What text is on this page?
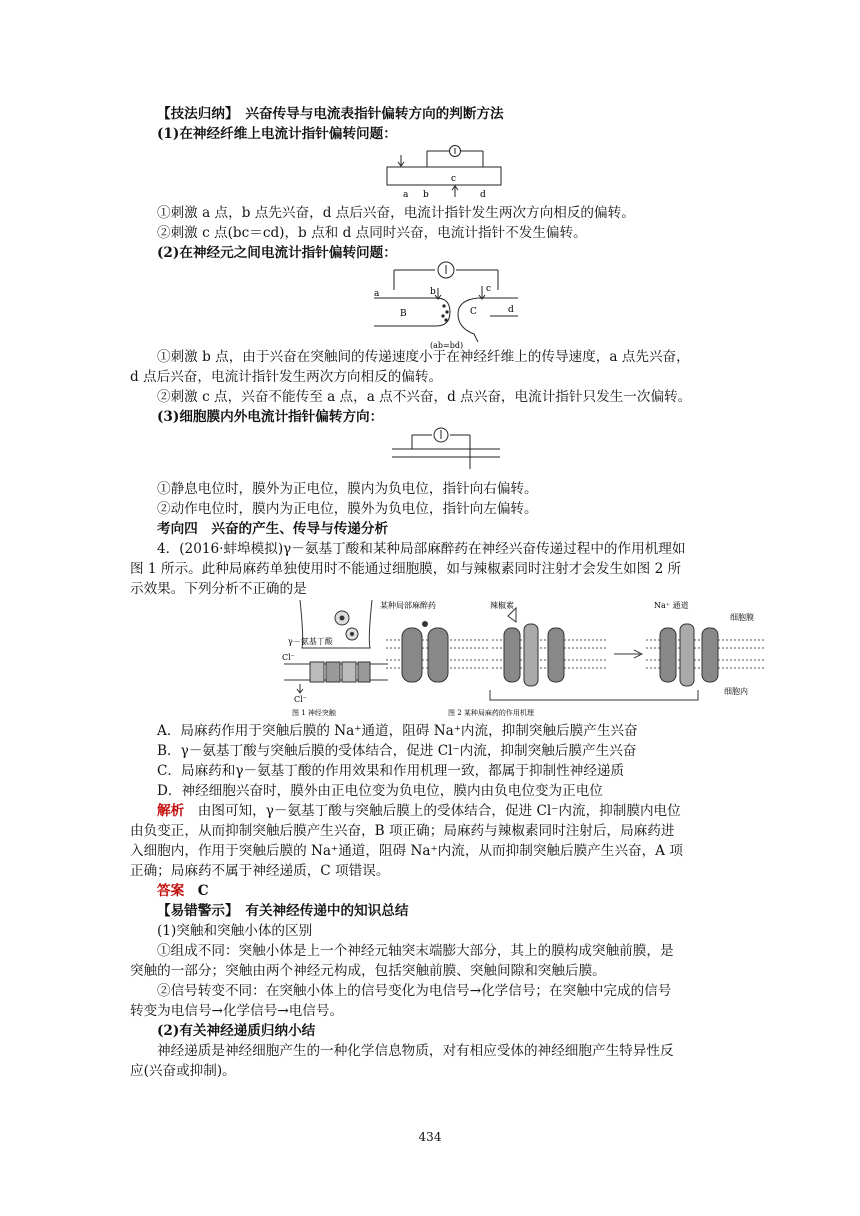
【技法归纳】　兴奋传导与电流表指针偏转方向的判断方法
(1)在神经纤维上电流计指针偏转问题：
c
a b	d
①刺激 a 点，b 点先兴奋，d 点后兴奋，电流计指针发生两次方向相反的偏转。
②刺激 c 点(bc＝cd)，b 点和 d 点同时兴奋，电流计指针不发生偏转。
(2)在神经元之间电流计指针偏转问题：
a	b	c
d
B	C
(ab=bd)
①刺激 b 点，由于兴奋在突触间的传递速度小于在神经纤维上的传导速度，a 点先兴奋，
d 点后兴奋，电流计指针发生两次方向相反的偏转。
②刺激 c 点，兴奋不能传至 a 点，a 点不兴奋，d 点兴奋，电流计指针只发生一次偏转。
(3)细胞膜内外电流计指针偏转方向：
①静息电位时，膜外为正电位，膜内为负电位，指针向右偏转。
②动作电位时，膜内为正电位，膜外为负电位，指针向左偏转。
考向四　兴奋的产生、传导与传递分析
4．(2016·蚌埠模拟)γ－氨基丁酸和某种局部麻醉药在神经兴奋传递过程中的作用机理如
图 1 所示。此种局麻药单独使用时不能通过细胞膜，如与辣椒素同时注射才会发生如图 2 所
示效果。下列分析不正确的是
γ－氨基丁酸
Cl⁻
Cl⁻
图 1 神经突触
某种局部麻醉药	辣椒素	Na⁺ 通道
细胞膜
细胞内
图 2 某种局麻药的作用机理
A．局麻药作用于突触后膜的 Na⁺通道，阻碍 Na⁺内流，抑制突触后膜产生兴奋
B．γ－氨基丁酸与突触后膜的受体结合，促进 Cl⁻内流，抑制突触后膜产生兴奋
C．局麻药和γ－氨基丁酸的作用效果和作用机理一致，都属于抑制性神经递质
D．神经细胞兴奋时，膜外由正电位变为负电位，膜内由负电位变为正电位
解析　由图可知，γ－氨基丁酸与突触后膜上的受体结合，促进 Cl⁻内流，抑制膜内电位
由负变正，从而抑制突触后膜产生兴奋，B 项正确；局麻药与辣椒素同时注射后，局麻药进
入细胞内，作用于突触后膜的 Na⁺通道，阻碍 Na⁺内流，从而抑制突触后膜产生兴奋，A 项
正确；局麻药不属于神经递质，C 项错误。
答案　C
【易错警示】　有关神经传递中的知识总结
(1)突触和突触小体的区别
①组成不同：突触小体是上一个神经元轴突末端膨大部分，其上的膜构成突触前膜，是
突触的一部分；突触由两个神经元构成，包括突触前膜、突触间隙和突触后膜。
②信号转变不同：在突触小体上的信号变化为电信号→化学信号；在突触中完成的信号
转变为电信号→化学信号→电信号。
(2)有关神经递质归纳小结
神经递质是神经细胞产生的一种化学信息物质，对有相应受体的神经细胞产生特异性反
应(兴奋或抑制)。
434
